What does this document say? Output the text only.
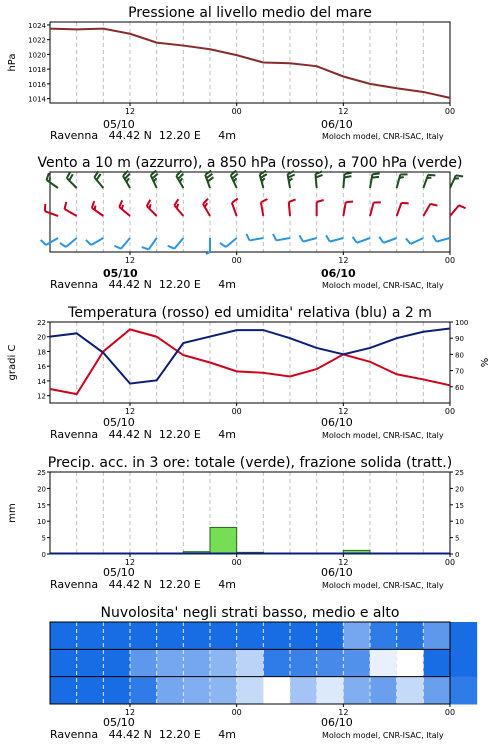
Pressione al livello medio del mare
12	00	12	00
1014
1016
1018
1020
1022
1024
hPa
05/10	06/10
Ravenna 44.42 N 12.20 E 4m	Moloch model, CNR-ISAC, Italy
Vento a 10 m (azzurro), a 850 hPa (rosso), a 700 hPa (verde)
12	00	12	00
05/10	06/10
Ravenna 44.42 N 12.20 E 4m	Moloch model, CNR-ISAC, Italy
Temperatura (rosso) ed umidita' relativa (blu) a 2 m
12	00	12	00
12
14
16
18
20
22
60
70
80
90
100
gradi C	%
05/10	06/10
Ravenna 44.42 N 12.20 E 4m	Moloch model, CNR-ISAC, Italy
Precip. acc. in 3 ore: totale (verde), frazione solida (tratt.)
12	00	12	00
0	0
5	5
10	10
15	15
20	20
25	25
mm
05/10	06/10
Ravenna 44.42 N 12.20 E 4m	Moloch model, CNR-ISAC, Italy
Nuvolosita' negli strati basso, medio e alto
12	00	12	00
05/10	06/10
Ravenna 44.42 N 12.20 E 4m	Moloch model, CNR-ISAC, Italy
